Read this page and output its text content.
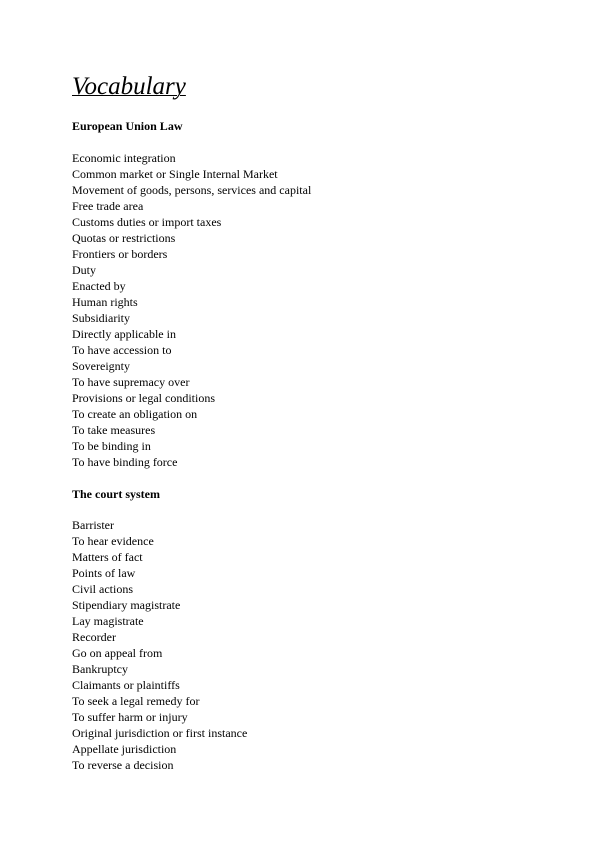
Vocabulary
European Union Law
Economic integration
Common market or Single Internal Market
Movement of goods, persons, services and capital
Free trade area
Customs duties or import taxes
Quotas or restrictions
Frontiers or borders
Duty
Enacted by
Human rights
Subsidiarity
Directly applicable in
To have accession to
Sovereignty
To have supremacy over
Provisions or legal conditions
To create an obligation on
To take measures
To be binding in
To have binding force
The court system
Barrister
To hear evidence
Matters of fact
Points of law
Civil actions
Stipendiary magistrate
Lay magistrate
Recorder
Go on appeal from
Bankruptcy
Claimants or plaintiffs
To seek a legal remedy for
To suffer harm or injury
Original jurisdiction or first instance
Appellate jurisdiction
To reverse a decision
